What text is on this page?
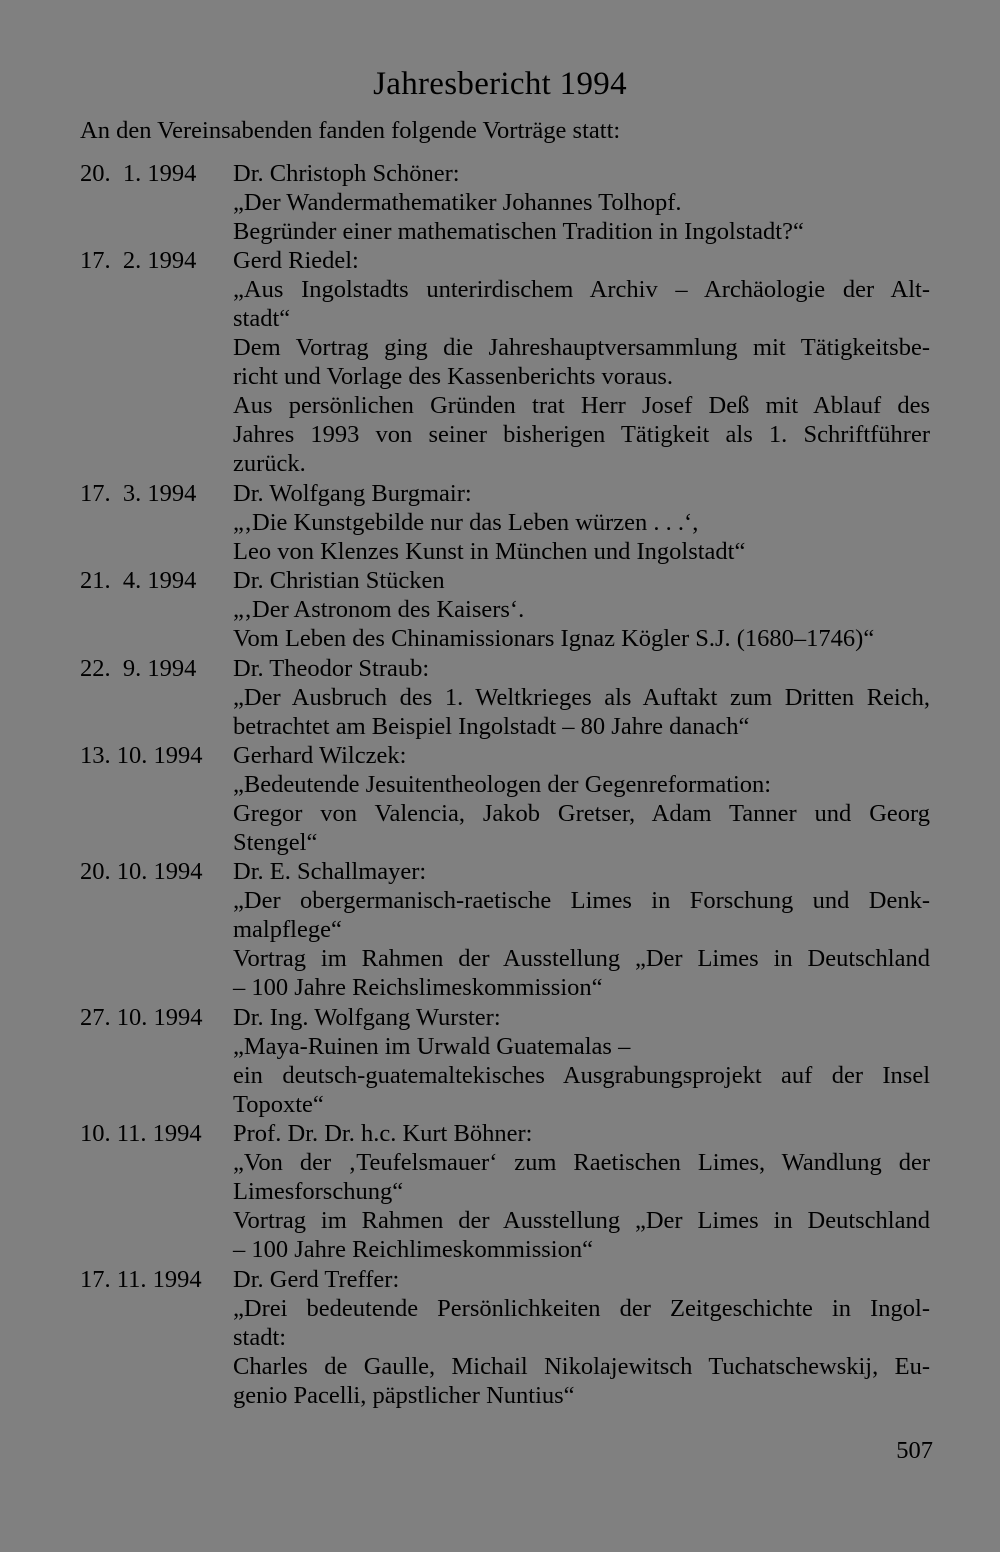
Jahresbericht 1994

An den Vereinsabenden fanden folgende Vorträge statt:

20.  1. 1994 Dr. Christoph Schöner:
„Der Wandermathematiker Johannes Tolhopf.
Begründer einer mathematischen Tradition in Ingolstadt?“
17.  2. 1994 Gerd Riedel:
„Aus Ingolstadts unterirdischem Archiv – Archäologie der Alt-
stadt“
Dem Vortrag ging die Jahreshauptversammlung mit Tätigkeitsbe-
richt und Vorlage des Kassenberichts voraus.
Aus persönlichen Gründen trat Herr Josef Deß mit Ablauf des
Jahres 1993 von seiner bisherigen Tätigkeit als 1. Schriftführer
zurück.
17.  3. 1994 Dr. Wolfgang Burgmair:
„‚Die Kunstgebilde nur das Leben würzen . . .‘,
Leo von Klenzes Kunst in München und Ingolstadt“
21.  4. 1994 Dr. Christian Stücken
„‚Der Astronom des Kaisers‘.
Vom Leben des Chinamissionars Ignaz Kögler S.J. (1680–1746)“
22.  9. 1994 Dr. Theodor Straub:
„Der Ausbruch des 1. Weltkrieges als Auftakt zum Dritten Reich,
betrachtet am Beispiel Ingolstadt – 80 Jahre danach“
13. 10. 1994 Gerhard Wilczek:
„Bedeutende Jesuitentheologen der Gegenreformation:
Gregor von Valencia, Jakob Gretser, Adam Tanner und Georg
Stengel“
20. 10. 1994 Dr. E. Schallmayer:
„Der obergermanisch-raetische Limes in Forschung und Denk-
malpflege“
Vortrag im Rahmen der Ausstellung „Der Limes in Deutschland
– 100 Jahre Reichslimeskommission“
27. 10. 1994 Dr. Ing. Wolfgang Wurster:
„Maya-Ruinen im Urwald Guatemalas –
ein deutsch-guatemaltekisches Ausgrabungsprojekt auf der Insel
Topoxte“
10. 11. 1994 Prof. Dr. Dr. h.c. Kurt Böhner:
„Von der ‚Teufelsmauer‘ zum Raetischen Limes, Wandlung der
Limesforschung“
Vortrag im Rahmen der Ausstellung „Der Limes in Deutschland
– 100 Jahre Reichlimeskommission“
17. 11. 1994 Dr. Gerd Treffer:
„Drei bedeutende Persönlichkeiten der Zeitgeschichte in Ingol-
stadt:
Charles de Gaulle, Michail Nikolajewitsch Tuchatschewskij, Eu-
genio Pacelli, päpstlicher Nuntius“
507
